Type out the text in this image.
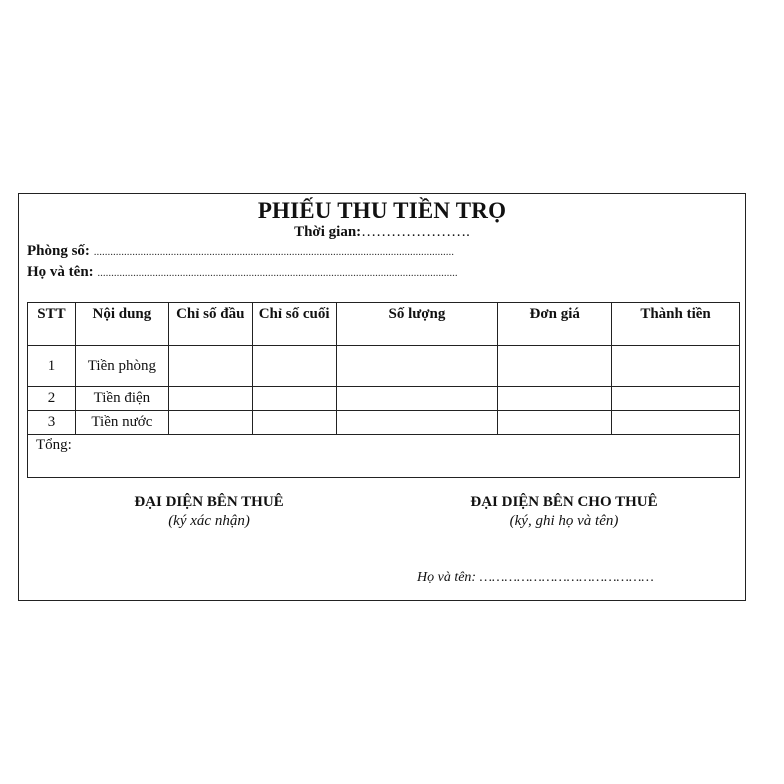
PHIẾU THU TIỀN TRỌ
Thời gian:………………….
Phòng số: ...................................................................................................................................
Họ và tên: ...................................................................................................................................
STT	Nội dung	Chỉ số đầu	Chỉ số cuối	Số lượng	Đơn giá	Thành tiền
1	Tiền phòng					
2	Tiền điện					
3	Tiền nước					
Tổng:						
ĐẠI DIỆN BÊN THUÊ
(ký xác nhận)
ĐẠI DIỆN BÊN CHO THUÊ
(ký, ghi họ và tên)
Họ và tên: ……………………………………
